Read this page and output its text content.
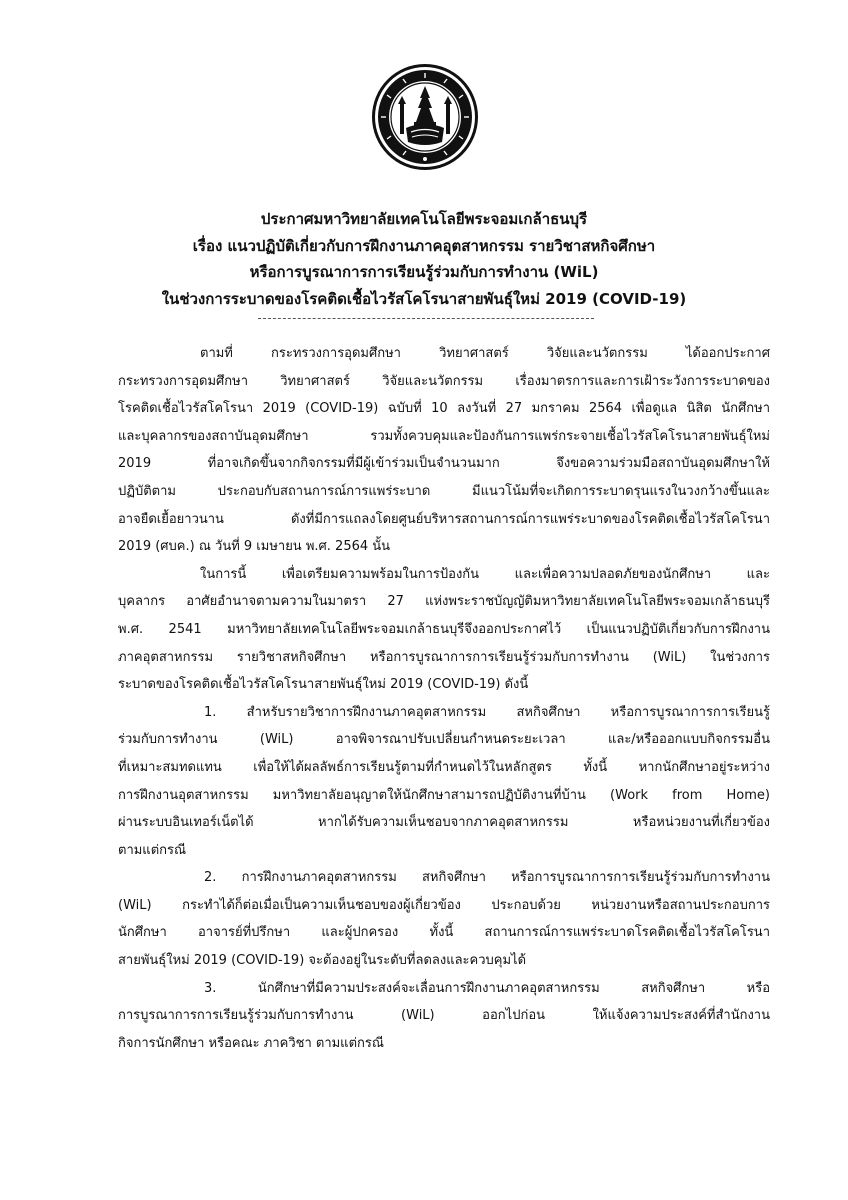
ประกาศมหาวิทยาลัยเทคโนโลยีพระจอมเกล้าธนบุรี
เรื่อง แนวปฏิบัติเกี่ยวกับการฝึกงานภาคอุตสาหกรรม รายวิชาสหกิจศึกษา
หรือการบูรณาการการเรียนรู้ร่วมกับการทำงาน (WiL)
ในช่วงการระบาดของโรคติดเชื้อไวรัสโคโรนาสายพันธุ์ใหม่ 2019 (COVID-19)
ตามที่ กระทรวงการอุดมศึกษา วิทยาศาสตร์ วิจัยและนวัตกรรม ได้ออกประกาศ
กระทรวงการอุดมศึกษา วิทยาศาสตร์ วิจัยและนวัตกรรม เรื่องมาตรการและการเฝ้าระวังการระบาดของ
โรคติดเชื้อไวรัสโคโรนา 2019 (COVID-19) ฉบับที่ 10 ลงวันที่ 27 มกราคม 2564 เพื่อดูแล นิสิต นักศึกษา
และบุคลากรของสถาบันอุดมศึกษา รวมทั้งควบคุมและป้องกันการแพร่กระจายเชื้อไวรัสโคโรนาสายพันธุ์ใหม่
2019 ที่อาจเกิดขึ้นจากกิจกรรมที่มีผู้เข้าร่วมเป็นจำนวนมาก จึงขอความร่วมมือสถาบันอุดมศึกษาให้
ปฏิบัติตาม ประกอบกับสถานการณ์การแพร่ระบาด มีแนวโน้มที่จะเกิดการระบาดรุนแรงในวงกว้างขึ้นและ
อาจยืดเยื้อยาวนาน ดังที่มีการแถลงโดยศูนย์บริหารสถานการณ์การแพร่ระบาดของโรคติดเชื้อไวรัสโคโรนา
2019 (ศบค.) ณ วันที่ 9 เมษายน พ.ศ. 2564 นั้น
ในการนี้ เพื่อเตรียมความพร้อมในการป้องกัน และเพื่อความปลอดภัยของนักศึกษา และ
บุคลากร อาศัยอำนาจตามความในมาตรา 27 แห่งพระราชบัญญัติมหาวิทยาลัยเทคโนโลยีพระจอมเกล้าธนบุรี
พ.ศ. 2541 มหาวิทยาลัยเทคโนโลยีพระจอมเกล้าธนบุรีจึงออกประกาศไว้ เป็นแนวปฏิบัติเกี่ยวกับการฝึกงาน
ภาคอุตสาหกรรม รายวิชาสหกิจศึกษา หรือการบูรณาการการเรียนรู้ร่วมกับการทำงาน (WiL) ในช่วงการ
ระบาดของโรคติดเชื้อไวรัสโคโรนาสายพันธุ์ใหม่ 2019 (COVID-19) ดังนี้
1. สำหรับรายวิชาการฝึกงานภาคอุตสาหกรรม สหกิจศึกษา หรือการบูรณาการการเรียนรู้
ร่วมกับการทำงาน (WiL) อาจพิจารณาปรับเปลี่ยนกำหนดระยะเวลา และ/หรือออกแบบกิจกรรมอื่น
ที่เหมาะสมทดแทน เพื่อให้ได้ผลลัพธ์การเรียนรู้ตามที่กำหนดไว้ในหลักสูตร ทั้งนี้ หากนักศึกษาอยู่ระหว่าง
การฝึกงานอุตสาหกรรม มหาวิทยาลัยอนุญาตให้นักศึกษาสามารถปฏิบัติงานที่บ้าน (Work from Home)
ผ่านระบบอินเทอร์เน็ตได้ หากได้รับความเห็นชอบจากภาคอุตสาหกรรม หรือหน่วยงานที่เกี่ยวข้อง
ตามแต่กรณี
2. การฝึกงานภาคอุตสาหกรรม สหกิจศึกษา หรือการบูรณาการการเรียนรู้ร่วมกับการทำงาน
(WiL) กระทำได้ก็ต่อเมื่อเป็นความเห็นชอบของผู้เกี่ยวข้อง ประกอบด้วย หน่วยงานหรือสถานประกอบการ
นักศึกษา อาจารย์ที่ปรึกษา และผู้ปกครอง ทั้งนี้ สถานการณ์การแพร่ระบาดโรคติดเชื้อไวรัสโคโรนา
สายพันธุ์ใหม่ 2019 (COVID-19) จะต้องอยู่ในระดับที่ลดลงและควบคุมได้
3. นักศึกษาที่มีความประสงค์จะเลื่อนการฝึกงานภาคอุตสาหกรรม สหกิจศึกษา หรือ
การบูรณาการการเรียนรู้ร่วมกับการทำงาน (WiL) ออกไปก่อน ให้แจ้งความประสงค์ที่สำนักงาน
กิจการนักศึกษา หรือคณะ ภาควิชา ตามแต่กรณี
